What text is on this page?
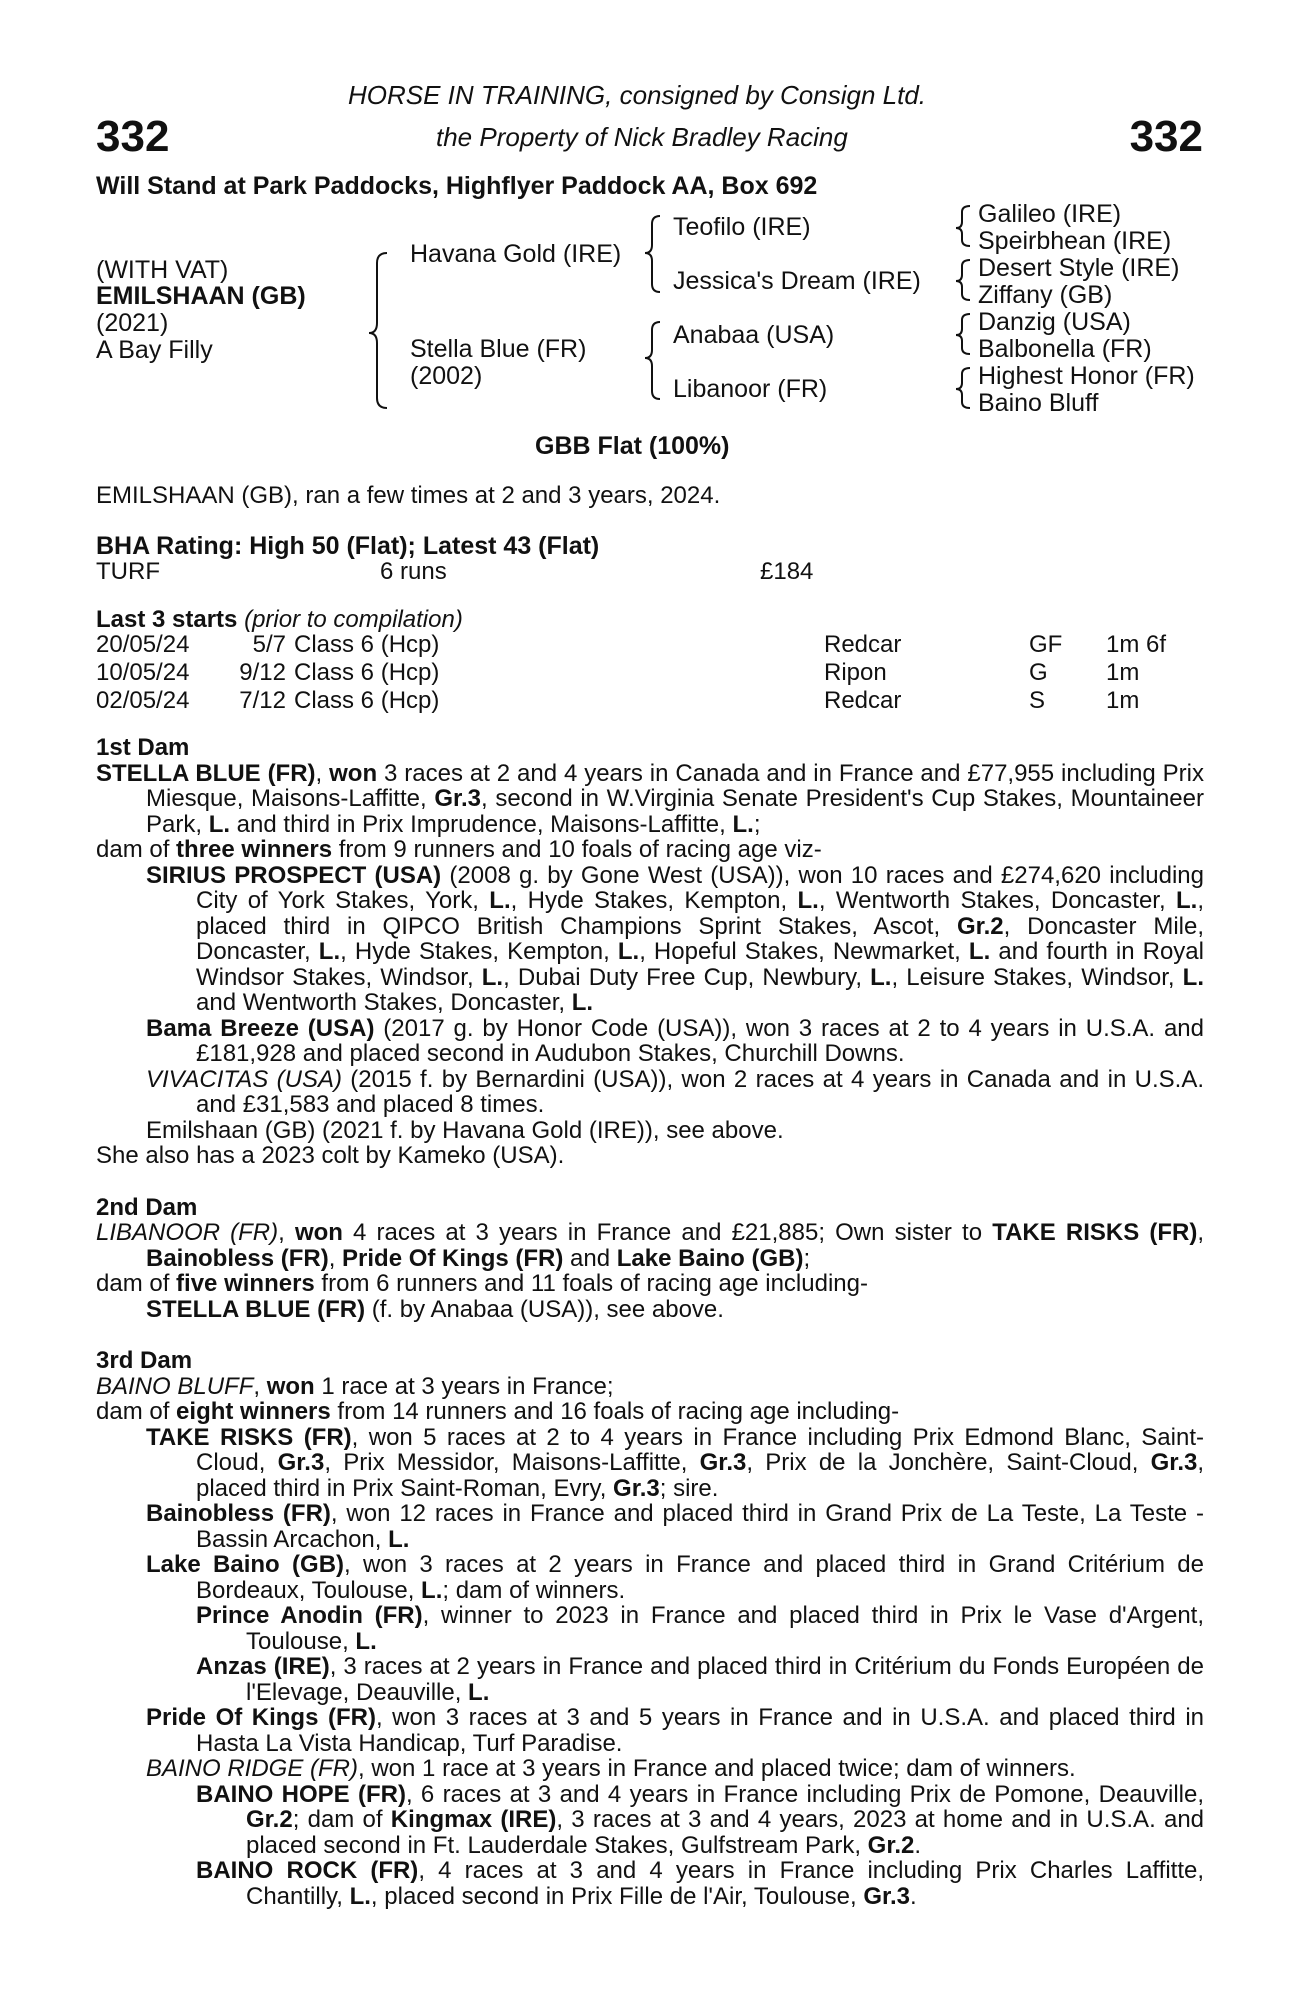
332	332
HORSE IN TRAINING, consigned by Consign Ltd.
the Property of Nick Bradley Racing
Will Stand at Park Paddocks, Highflyer Paddock AA, Box 692
(WITH VAT)
EMILSHAAN (GB)
(2021)
A Bay Filly
Havana Gold (IRE)
Stella Blue (FR)
(2002)
Teofilo (IRE)
Jessica's Dream (IRE)
Anabaa (USA)
Libanoor (FR)
Galileo (IRE)
Speirbhean (IRE)
Desert Style (IRE)
Ziffany (GB)
Danzig (USA)
Balbonella (FR)
Highest Honor (FR)
Baino Bluff
GBB Flat (100%)
EMILSHAAN (GB), ran a few times at 2 and 3 years, 2024.
BHA Rating: High 50 (Flat); Latest 43 (Flat)
TURF	6 runs	£184
Last 3 starts (prior to compilation)
20/05/24	5/7	Class 6 (Hcp)	Redcar	GF	1m 6f
10/05/24	9/12	Class 6 (Hcp)	Ripon	G	1m
02/05/24	7/12	Class 6 (Hcp)	Redcar	S	1m

1st Dam

STELLA BLUE (FR), won 3 races at 2 and 4 years in Canada and in France and £77,955 including Prix Miesque, Maisons-Laffitte, Gr.3, second in W.Virginia Senate President's Cup Stakes, Mountaineer Park, L. and third in Prix Imprudence, Maisons-Laffitte, L.;

dam of three winners from 9 runners and 10 foals of racing age viz-

SIRIUS PROSPECT (USA) (2008 g. by Gone West (USA)), won 10 races and £274,620 including City of York Stakes, York, L., Hyde Stakes, Kempton, L., Wentworth Stakes, Doncaster, L., placed third in QIPCO British Champions Sprint Stakes, Ascot, Gr.2, Doncaster Mile, Doncaster, L., Hyde Stakes, Kempton, L., Hopeful Stakes, Newmarket, L. and fourth in Royal Windsor Stakes, Windsor, L., Dubai Duty Free Cup, Newbury, L., Leisure Stakes, Windsor, L. and Wentworth Stakes, Doncaster, L.

Bama Breeze (USA) (2017 g. by Honor Code (USA)), won 3 races at 2 to 4 years in U.S.A. and £181,928 and placed second in Audubon Stakes, Churchill Downs.

VIVACITAS (USA) (2015 f. by Bernardini (USA)), won 2 races at 4 years in Canada and in U.S.A. and £31,583 and placed 8 times.

Emilshaan (GB) (2021 f. by Havana Gold (IRE)), see above.

She also has a 2023 colt by Kameko (USA).

2nd Dam

LIBANOOR (FR), won 4 races at 3 years in France and £21,885; Own sister to TAKE RISKS (FR), Bainobless (FR), Pride Of Kings (FR) and Lake Baino (GB);

dam of five winners from 6 runners and 11 foals of racing age including-

STELLA BLUE (FR) (f. by Anabaa (USA)), see above.

3rd Dam

BAINO BLUFF, won 1 race at 3 years in France;

dam of eight winners from 14 runners and 16 foals of racing age including-

TAKE RISKS (FR), won 5 races at 2 to 4 years in France including Prix Edmond Blanc, Saint-Cloud, Gr.3, Prix Messidor, Maisons-Laffitte, Gr.3, Prix de la Jonchère, Saint-Cloud, Gr.3, placed third in Prix Saint-Roman, Evry, Gr.3; sire.

Bainobless (FR), won 12 races in France and placed third in Grand Prix de La Teste, La Teste - Bassin Arcachon, L.

Lake Baino (GB), won 3 races at 2 years in France and placed third in Grand Critérium de Bordeaux, Toulouse, L.; dam of winners.

Prince Anodin (FR), winner to 2023 in France and placed third in Prix le Vase d'Argent, Toulouse, L.

Anzas (IRE), 3 races at 2 years in France and placed third in Critérium du Fonds Européen de l'Elevage, Deauville, L.

Pride Of Kings (FR), won 3 races at 3 and 5 years in France and in U.S.A. and placed third in Hasta La Vista Handicap, Turf Paradise.

BAINO RIDGE (FR), won 1 race at 3 years in France and placed twice; dam of winners.

BAINO HOPE (FR), 6 races at 3 and 4 years in France including Prix de Pomone, Deauville, Gr.2; dam of Kingmax (IRE), 3 races at 3 and 4 years, 2023 at home and in U.S.A. and placed second in Ft. Lauderdale Stakes, Gulfstream Park, Gr.2.

BAINO ROCK (FR), 4 races at 3 and 4 years in France including Prix Charles Laffitte, Chantilly, L., placed second in Prix Fille de l'Air, Toulouse, Gr.3.
